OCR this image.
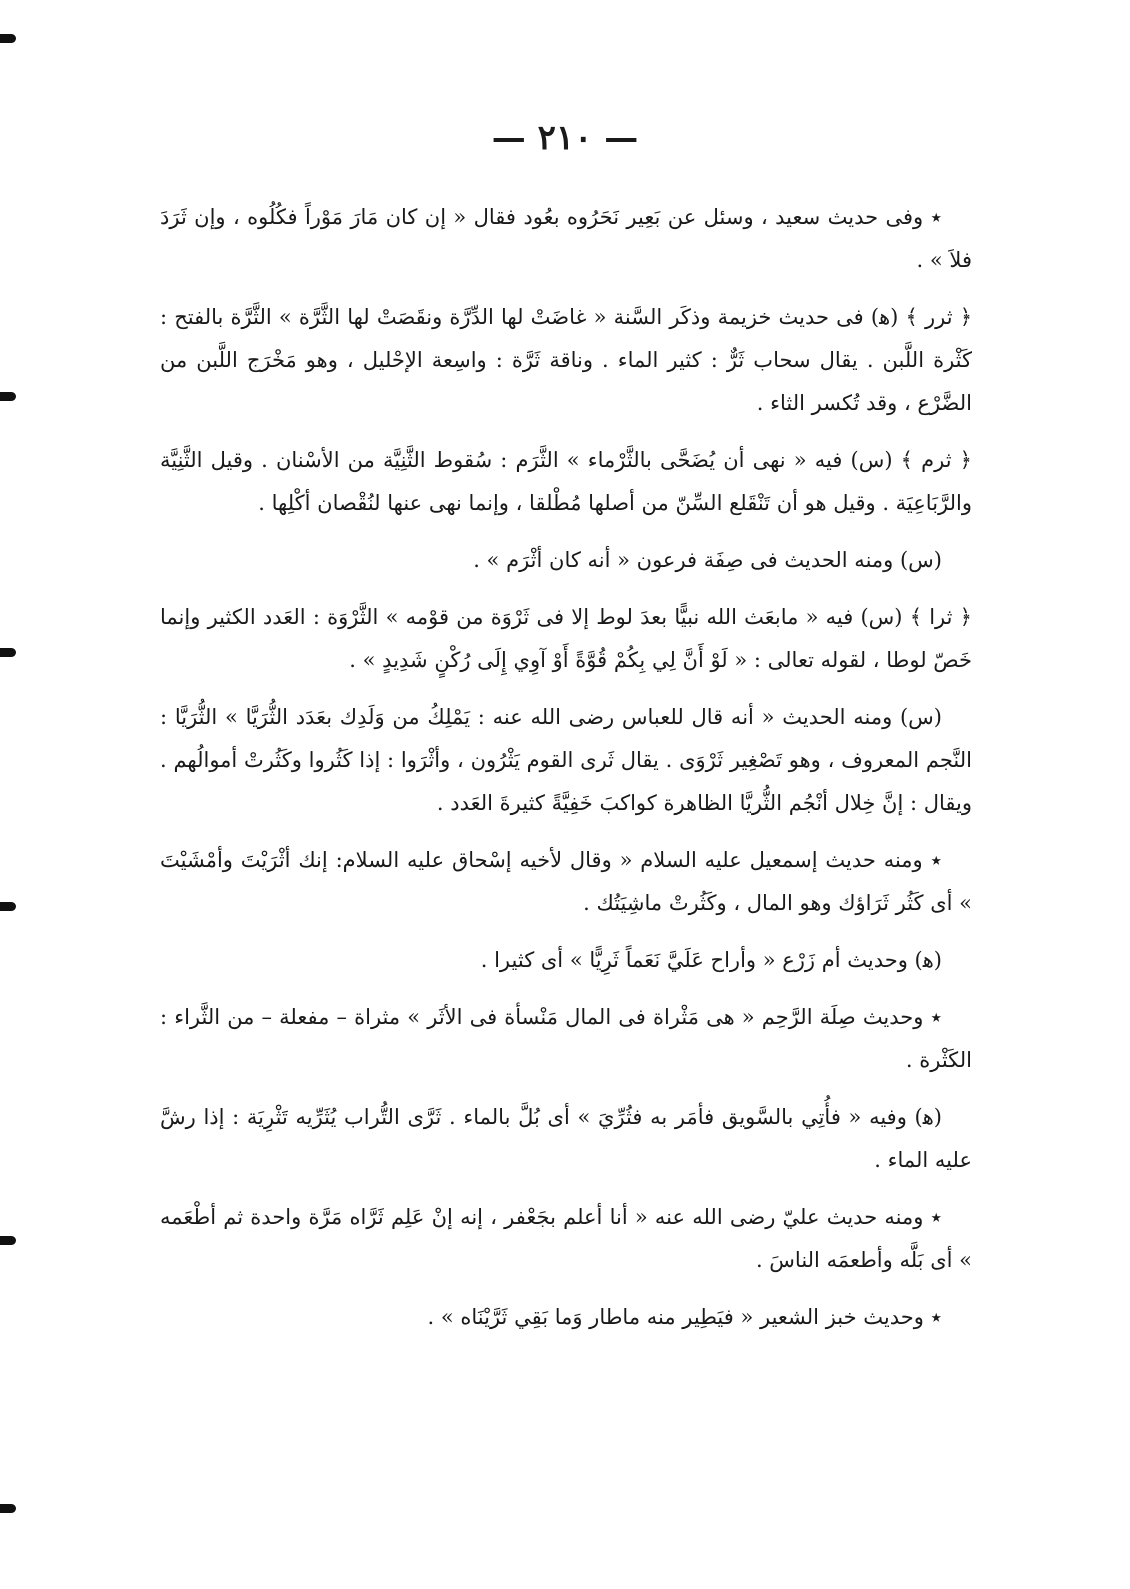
— ٢١٠ —

٭ وفى حديث سعيد ، وسئل عن بَعِير نَحَرُوه بعُود فقال « إن كان مَارَ مَوْراً فكُلُوه ، وإن ثَرَدَ فلاَ » .

﴿ ثرر ﴾ (ﻫ) فى حديث خزيمة وذكَر السَّنة « غاضَتْ لها الدِّرَّة ونقَصَتْ لها الثَّرَّة » الثَّرَّة بالفتح : كَثْرة اللَّبن . يقال سحاب ثَرٌّ : كثير الماء . وناقة ثَرَّة : واسِعة الإحْليل ، وهو مَخْرَج اللَّبن من الضَّرْع ، وقد تُكسر الثاء .

﴿ ثرم ﴾ (س) فيه « نهى أن يُضَحَّى بالثَّرْماء » الثَّرَم : سُقوط الثَّنِيَّة من الأسْنان . وقيل الثَّنِيَّة والرَّبَاعِيَة . وقيل هو أن تَنْقَلع السِّنّ من أصلها مُطْلقا ، وإنما نهى عنها لنُقْصان أكْلِها .

(س) ومنه الحديث فى صِفَة فرعون « أنه كان أثْرَم » .

﴿ ثرا ﴾ (س) فيه « مابعَث الله نبيًّا بعدَ لوط إلا فى ثَرْوَة من قوْمه » الثَّرْوَة : العَدد الكثير وإنما خَصّ لوطا ، لقوله تعالى : « لَوْ أَنَّ لِي بِكُمْ قُوَّةً أَوْ آوِي إِلَى رُكْنٍ شَدِيدٍ » .

(س) ومنه الحديث « أنه قال للعباس رضى الله عنه : يَمْلِكُ من وَلَدِك بعَدَد الثُّرَيَّا » الثُّرَيَّا : النَّجم المعروف ، وهو تَصْغِير ثَرْوَى . يقال ثَرى القوم يَثْرُون ، وأثْرَوا : إذا كَثُروا وكَثُرتْ أموالُهم . ويقال : إنَّ خِلال أنْجُم الثُّريَّا الظاهرة كواكبَ خَفِيَّةً كثيرةَ العَدد .

٭ ومنه حديث إسمعيل عليه السلام « وقال لأخيه إسْحاق عليه السلام: إنك أثْرَيْتَ وأمْشَيْتَ » أى كَثُر ثَرَاؤك وهو المال ، وكَثُرتْ ماشِيَتُك .

(ﻫ) وحديث أم زَرْع « وأراح عَلَيَّ نَعَماً ثَرِيًّا » أى كثيرا .

٭ وحديث صِلَة الرَّحِم « هى مَثْراة فى المال مَنْسأة فى الأثَر » مثراة – مفعلة – من الثَّراء : الكَثْرة .

(ﻫ) وفيه « فأُتِي بالسَّويق فأمَر به فثُرِّيَ » أى بُلَّ بالماء . ثَرَّى التُّراب يُثَرِّيه تَثْرِيَة : إذا رشَّ عليه الماء .

٭ ومنه حديث عليّ رضى الله عنه « أنا أعلم بجَعْفر ، إنه إنْ عَلِم ثَرَّاه مَرَّة واحدة ثم أطْعَمه » أى بَلَّه وأطعمَه الناسَ .

٭ وحديث خبز الشعير « فيَطِير منه ماطار وَما بَقِي ثَرَّيْنَاه » .
